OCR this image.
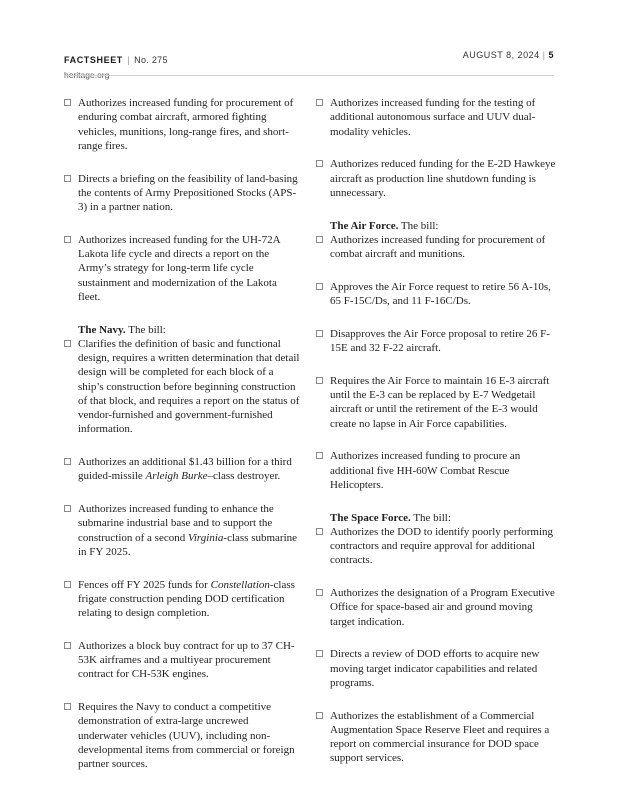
FACTSHEET | No. 275
heritage.org
AUGUST 8, 2024 | 5
Authorizes increased funding for procurement of enduring combat aircraft, armored fighting vehicles, munitions, long-range fires, and short-range fires.
Directs a briefing on the feasibility of land-basing the contents of Army Prepositioned Stocks (APS-3) in a partner nation.
Authorizes increased funding for the UH-72A Lakota life cycle and directs a report on the Army’s strategy for long-term life cycle sustainment and modernization of the Lakota fleet.
The Navy. The bill:
Clarifies the definition of basic and functional design, requires a written determination that detail design will be completed for each block of a ship’s construction before beginning construction of that block, and requires a report on the status of vendor-furnished and government-furnished information.
Authorizes an additional $1.43 billion for a third guided-missile Arleigh Burke–class destroyer.
Authorizes increased funding to enhance the submarine industrial base and to support the construction of a second Virginia-class submarine in FY 2025.
Fences off FY 2025 funds for Constellation-class frigate construction pending DOD certification relating to design completion.
Authorizes a block buy contract for up to 37 CH-53K airframes and a multiyear procurement contract for CH-53K engines.
Requires the Navy to conduct a competitive demonstration of extra-large uncrewed underwater vehicles (UUV), including non-developmental items from commercial or foreign partner sources.
Authorizes increased funding for the testing of additional autonomous surface and UUV dual-modality vehicles.
Authorizes reduced funding for the E-2D Hawkeye aircraft as production line shutdown funding is unnecessary.
The Air Force. The bill:
Authorizes increased funding for procurement of combat aircraft and munitions.
Approves the Air Force request to retire 56 A-10s, 65 F-15C/Ds, and 11 F-16C/Ds.
Disapproves the Air Force proposal to retire 26 F-15E and 32 F-22 aircraft.
Requires the Air Force to maintain 16 E-3 aircraft until the E-3 can be replaced by E-7 Wedgetail aircraft or until the retirement of the E-3 would create no lapse in Air Force capabilities.
Authorizes increased funding to procure an additional five HH-60W Combat Rescue Helicopters.
The Space Force. The bill:
Authorizes the DOD to identify poorly performing contractors and require approval for additional contracts.
Authorizes the designation of a Program Executive Office for space-based air and ground moving target indication.
Directs a review of DOD efforts to acquire new moving target indicator capabilities and related programs.
Authorizes the establishment of a Commercial Augmentation Space Reserve Fleet and requires a report on commercial insurance for DOD space support services.
